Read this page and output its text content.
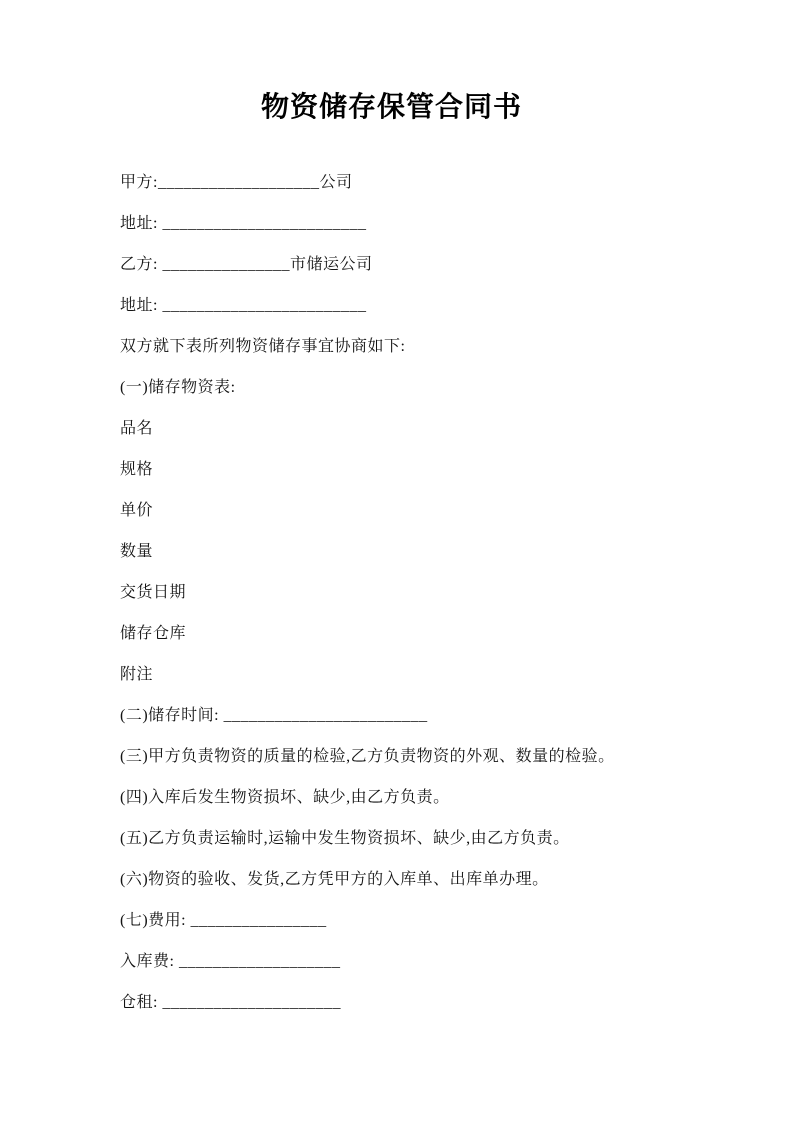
物资储存保管合同书

甲方:___________________公司

地址: ________________________

乙方: _______________市储运公司

地址: ________________________

双方就下表所列物资储存事宜协商如下:

(一)储存物资表:

品名

规格

单价

数量

交货日期

储存仓库

附注

(二)储存时间: ________________________

(三)甲方负责物资的质量的检验,乙方负责物资的外观、数量的检验。

(四)入库后发生物资损坏、缺少,由乙方负责。

(五)乙方负责运输时,运输中发生物资损坏、缺少,由乙方负责。

(六)物资的验收、发货,乙方凭甲方的入库单、出库单办理。

(七)费用: ________________

入库费: ___________________

仓租: _____________________
